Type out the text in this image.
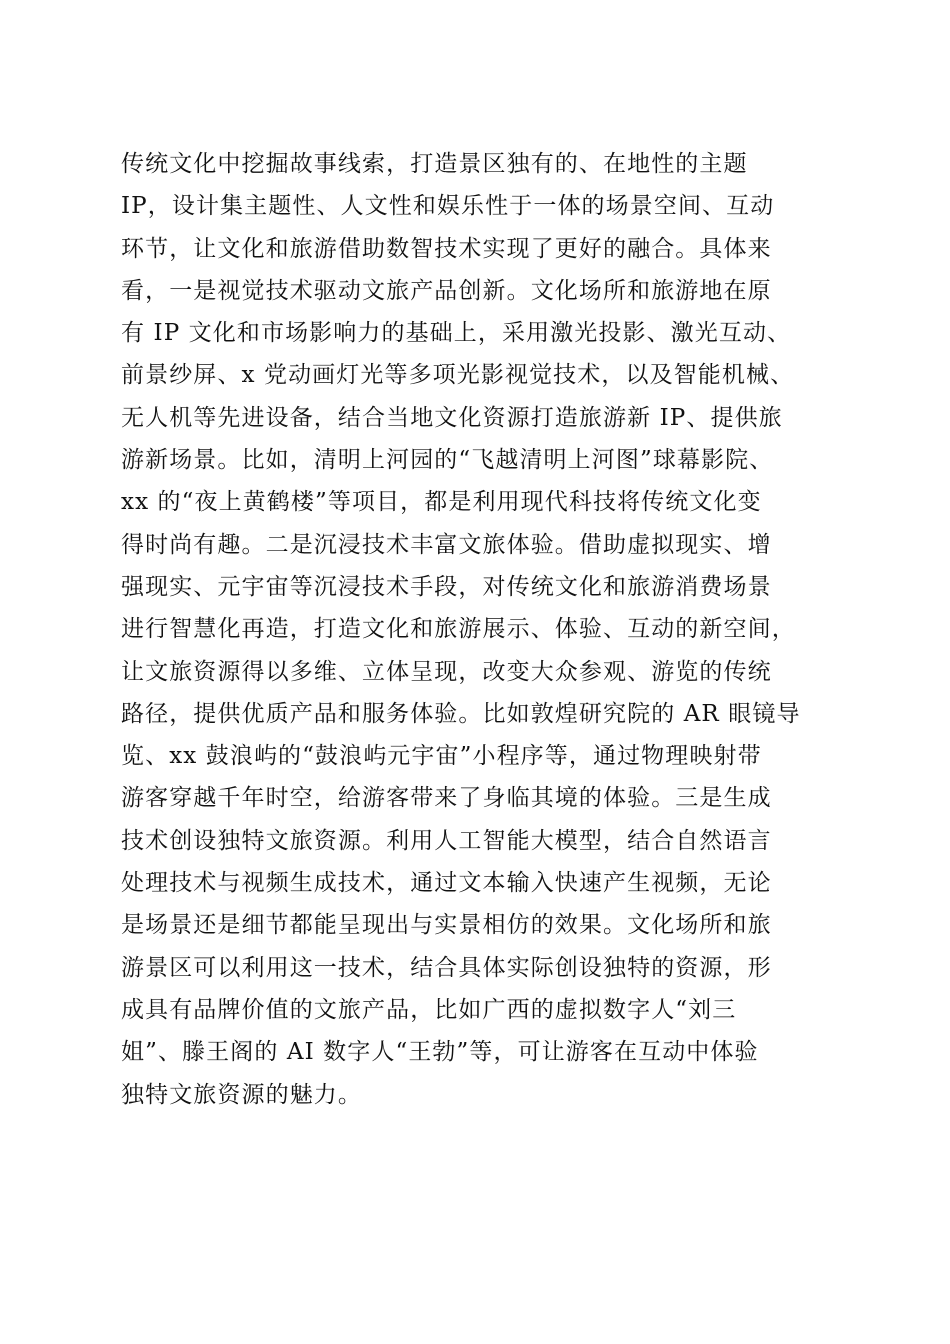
传统文化中挖掘故事线索，打造景区独有的、在地性的主题
IP，设计集主题性、人文性和娱乐性于一体的场景空间、互动
环节，让文化和旅游借助数智技术实现了更好的融合。具体来
看，一是视觉技术驱动文旅产品创新。文化场所和旅游地在原
有 IP 文化和市场影响力的基础上，采用激光投影、激光互动、
前景纱屏、x 党动画灯光等多项光影视觉技术，以及智能机械、
无人机等先进设备，结合当地文化资源打造旅游新 IP、提供旅
游新场景。比如，清明上河园的“飞越清明上河图”球幕影院、
xx 的“夜上黄鹤楼”等项目，都是利用现代科技将传统文化变
得时尚有趣。二是沉浸技术丰富文旅体验。借助虚拟现实、增
强现实、元宇宙等沉浸技术手段，对传统文化和旅游消费场景
进行智慧化再造，打造文化和旅游展示、体验、互动的新空间，
让文旅资源得以多维、立体呈现，改变大众参观、游览的传统
路径，提供优质产品和服务体验。比如敦煌研究院的 AR 眼镜导
览、xx 鼓浪屿的“鼓浪屿元宇宙”小程序等，通过物理映射带
游客穿越千年时空，给游客带来了身临其境的体验。三是生成
技术创设独特文旅资源。利用人工智能大模型，结合自然语言
处理技术与视频生成技术，通过文本输入快速产生视频，无论
是场景还是细节都能呈现出与实景相仿的效果。文化场所和旅
游景区可以利用这一技术，结合具体实际创设独特的资源，形
成具有品牌价值的文旅产品，比如广西的虚拟数字人“刘三
姐”、滕王阁的 AI 数字人“王勃”等，可让游客在互动中体验
独特文旅资源的魅力。
